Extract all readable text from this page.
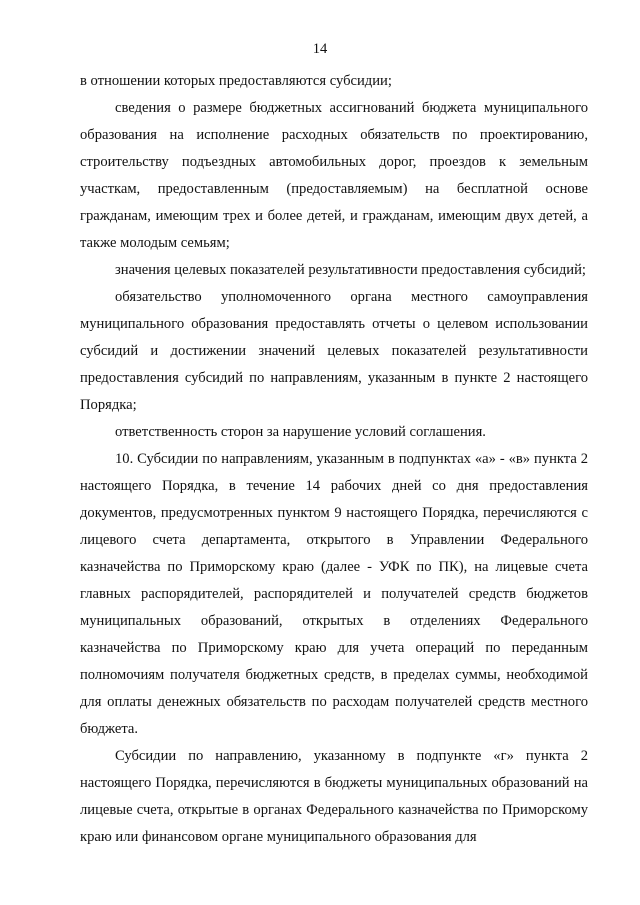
14

в отношении которых предоставляются субсидии;

сведения о размере бюджетных ассигнований бюджета муниципального образования на исполнение расходных обязательств по проектированию, строительству подъездных автомобильных дорог, проездов к земельным участкам, предоставленным (предоставляемым) на бесплатной основе гражданам, имеющим трех и более детей, и гражданам, имеющим двух детей, а также молодым семьям;

значения целевых показателей результативности предоставления субсидий;

обязательство уполномоченного органа местного самоуправления муниципального образования предоставлять отчеты о целевом использовании субсидий и достижении значений целевых показателей результативности предоставления субсидий по направлениям, указанным в пункте 2 настоящего Порядка;

ответственность сторон за нарушение условий соглашения.

10. Субсидии по направлениям, указанным в подпунктах «а» - «в» пункта 2 настоящего Порядка, в течение 14 рабочих дней со дня предоставления документов, предусмотренных пунктом 9 настоящего Порядка, перечисляются с лицевого счета департамента, открытого в Управлении Федерального казначейства по Приморскому краю (далее - УФК по ПК), на лицевые счета главных распорядителей, распорядителей и получателей средств бюджетов муниципальных образований, открытых в отделениях Федерального казначейства по Приморскому краю для учета операций по переданным полномочиям получателя бюджетных средств, в пределах суммы, необходимой для оплаты денежных обязательств по расходам получателей средств местного бюджета.

Субсидии по направлению, указанному в подпункте «г» пункта 2 настоящего Порядка, перечисляются в бюджеты муниципальных образований на лицевые счета, открытые в органах Федерального казначейства по Приморскому краю или финансовом органе муниципального образования для
